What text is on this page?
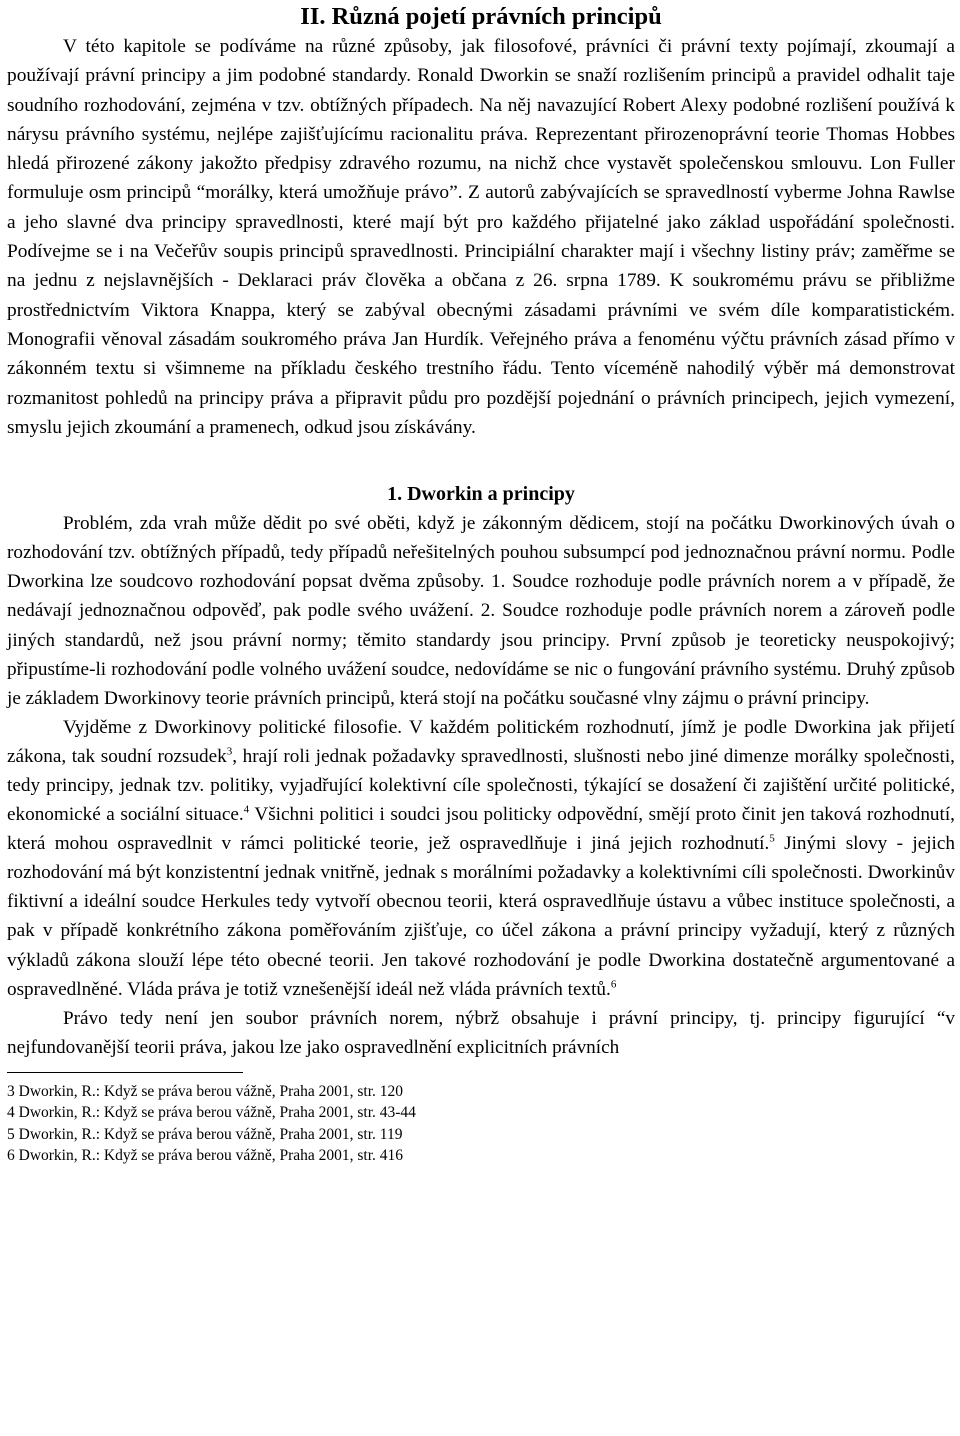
II. Různá pojetí právních principů

V této kapitole se podíváme na různé způsoby, jak filosofové, právníci či právní texty pojímají, zkoumají a používají právní principy a jim podobné standardy. Ronald Dworkin se snaží rozlišením principů a pravidel odhalit taje soudního rozhodování, zejména v tzv. obtížných případech. Na něj navazující Robert Alexy podobné rozlišení používá k nárysu právního systému, nejlépe zajišťujícímu racionalitu práva. Reprezentant přirozenoprávní teorie Thomas Hobbes hledá přirozené zákony jakožto předpisy zdravého rozumu, na nichž chce vystavět společenskou smlouvu. Lon Fuller formuluje osm principů “morálky, která umožňuje právo”. Z autorů zabývajících se spravedlností vyberme Johna Rawlse a jeho slavné dva principy spravedlnosti, které mají být pro každého přijatelné jako základ uspořádání společnosti. Podívejme se i na Večeřův soupis principů spravedlnosti. Principiální charakter mají i všechny listiny práv; zaměřme se na jednu z nejslavnějších - Deklaraci práv člověka a občana z 26. srpna 1789. K soukromému právu se přibližme prostřednictvím Viktora Knappa, který se zabýval obecnými zásadami právními ve svém díle komparatistickém. Monografii věnoval zásadám soukromého práva Jan Hurdík. Veřejného práva a fenoménu výčtu právních zásad přímo v zákonném textu si všimneme na příkladu českého trestního řádu. Tento víceméně nahodilý výběr má demonstrovat rozmanitost pohledů na principy práva a připravit půdu pro pozdější pojednání o právních principech, jejich vymezení, smyslu jejich zkoumání a pramenech, odkud jsou získávány.

1. Dworkin a principy

Problém, zda vrah může dědit po své oběti, když je zákonným dědicem, stojí na počátku Dworkinových úvah o rozhodování tzv. obtížných případů, tedy případů neřešitelných pouhou subsumpcí pod jednoznačnou právní normu. Podle Dworkina lze soudcovo rozhodování popsat dvěma způsoby. 1. Soudce rozhoduje podle právních norem a v případě, že nedávají jednoznačnou odpověď, pak podle svého uvážení. 2. Soudce rozhoduje podle právních norem a zároveň podle jiných standardů, než jsou právní normy; těmito standardy jsou principy. První způsob je teoreticky neuspokojivý; připustíme-li rozhodování podle volného uvážení soudce, nedovídáme se nic o fungování právního systému. Druhý způsob je základem Dworkinovy teorie právních principů, která stojí na počátku současné vlny zájmu o právní principy.

Vyjděme z Dworkinovy politické filosofie. V každém politickém rozhodnutí, jímž je podle Dworkina jak přijetí zákona, tak soudní rozsudek$^3$, hrají roli jednak požadavky spravedlnosti, slušnosti nebo jiné dimenze morálky společnosti, tedy principy, jednak tzv. politiky, vyjadřující kolektivní cíle společnosti, týkající se dosažení či zajištění určité politické, ekonomické a sociální situace.$^4$ Všichni politici i soudci jsou politicky odpovědní, smějí proto činit jen taková rozhodnutí, která mohou ospravedlnit v rámci politické teorie, jež ospravedlňuje i jiná jejich rozhodnutí.$^5$ Jinými slovy - jejich rozhodování má být konzistentní jednak vnitřně, jednak s morálními požadavky a kolektivními cíli společnosti. Dworkinův fiktivní a ideální soudce Herkules tedy vytvoří obecnou teorii, která ospravedlňuje ústavu a vůbec instituce společnosti, a pak v případě konkrétního zákona poměřováním zjišťuje, co účel zákona a právní principy vyžadují, který z různých výkladů zákona slouží lépe této obecné teorii. Jen takové rozhodování je podle Dworkina dostatečně argumentované a ospravedlněné. Vláda práva je totiž vznešenější ideál než vláda právních textů.$^6$

Právo tedy není jen soubor právních norem, nýbrž obsahuje i právní principy, tj. principy figurující “v nejfundovanější teorii práva, jakou lze jako ospravedlnění explicitních právních

3 Dworkin, R.: Když se práva berou vážně, Praha 2001, str. 120

4 Dworkin, R.: Když se práva berou vážně, Praha 2001, str. 43-44

5 Dworkin, R.: Když se práva berou vážně, Praha 2001, str. 119

6 Dworkin, R.: Když se práva berou vážně, Praha 2001, str. 416
